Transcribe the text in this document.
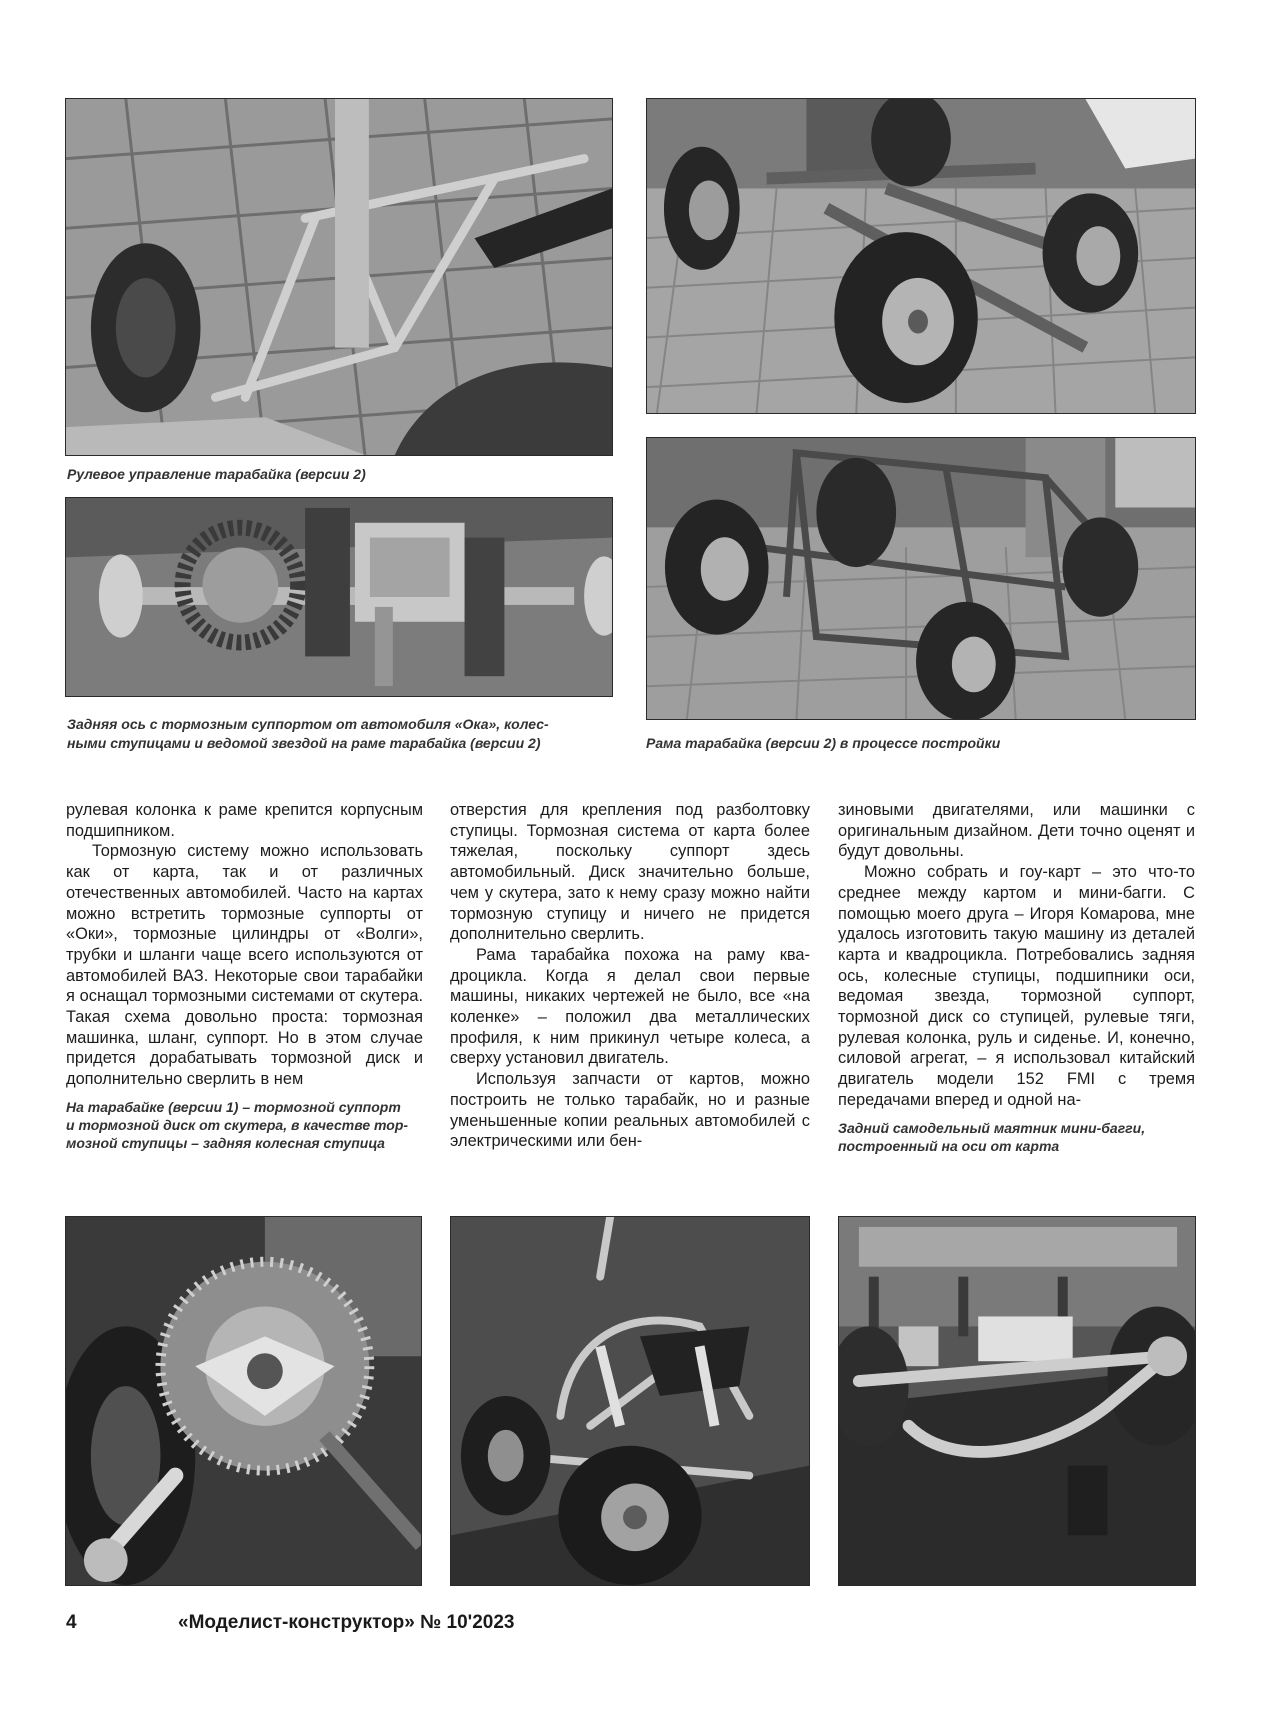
Рулевое управление тарабайка (версии 2)
Задняя ось с тормозным суппортом от автомобиля «Ока», колес-
ными ступицами и ведомой звездой на раме тарабайка (версии 2)	Рама тарабайка (версии 2) в процессе постройки

рулевая колонка к раме крепится корпусным подшипником.

Тормозную систему можно использовать как от карта, так и от различных отечественных автомобилей. Часто на картах можно встретить тормозные суппорты от «Оки», тормозные цилиндры от «Волги», трубки и шланги чаще всего используются от автомобилей ВАЗ. Некоторые свои тарабайки я оснащал тормозными системами от скутера. Такая схема довольно проста: тормозная машинка, шланг, суппорт. Но в этом случае придется дорабатывать тормозной диск и дополнительно сверлить в нем

На тарабайке (версии 1) – тормозной суппорт
и тормозной диск от скутера, в качестве тор-
мозной ступицы – задняя колесная ступица

отверстия для крепления под разболтовку ступицы. Тормозная система от карта более тяжелая, поскольку суппорт здесь автомобильный. Диск значительно больше, чем у скутера, зато к нему сразу можно найти тормозную ступицу и ничего не придется дополнительно сверлить.

Рама тарабайка похожа на раму квадроцикла. Когда я делал свои первые машины, никаких чертежей не было, все «на коленке» – положил два металлических профиля, к ним прикинул четыре колеса, а сверху установил двигатель.

Используя запчасти от картов, можно построить не только тарабайк, но и разные уменьшенные копии реальных автомобилей с электрическими или бен-

зиновыми двигателями, или машинки с оригинальным дизайном. Дети точно оценят и будут довольны.

Можно собрать и гоу-карт – это что-то среднее между картом и мини-багги. С помощью моего друга – Игоря Комарова, мне удалось изготовить такую машину из деталей карта и квадроцикла. Потребовались задняя ось, колесные ступицы, подшипники оси, ведомая звезда, тормозной суппорт, тормозной диск со ступицей, рулевые тяги, рулевая колонка, руль и сиденье. И, конечно, силовой агрегат, – я использовал китайский двигатель модели 152 FMI с тремя передачами вперед и одной на-

Задний самодельный маятник мини-багги,
построенный на оси от карта
4	«Моделист-конструктор» № 10'2023
